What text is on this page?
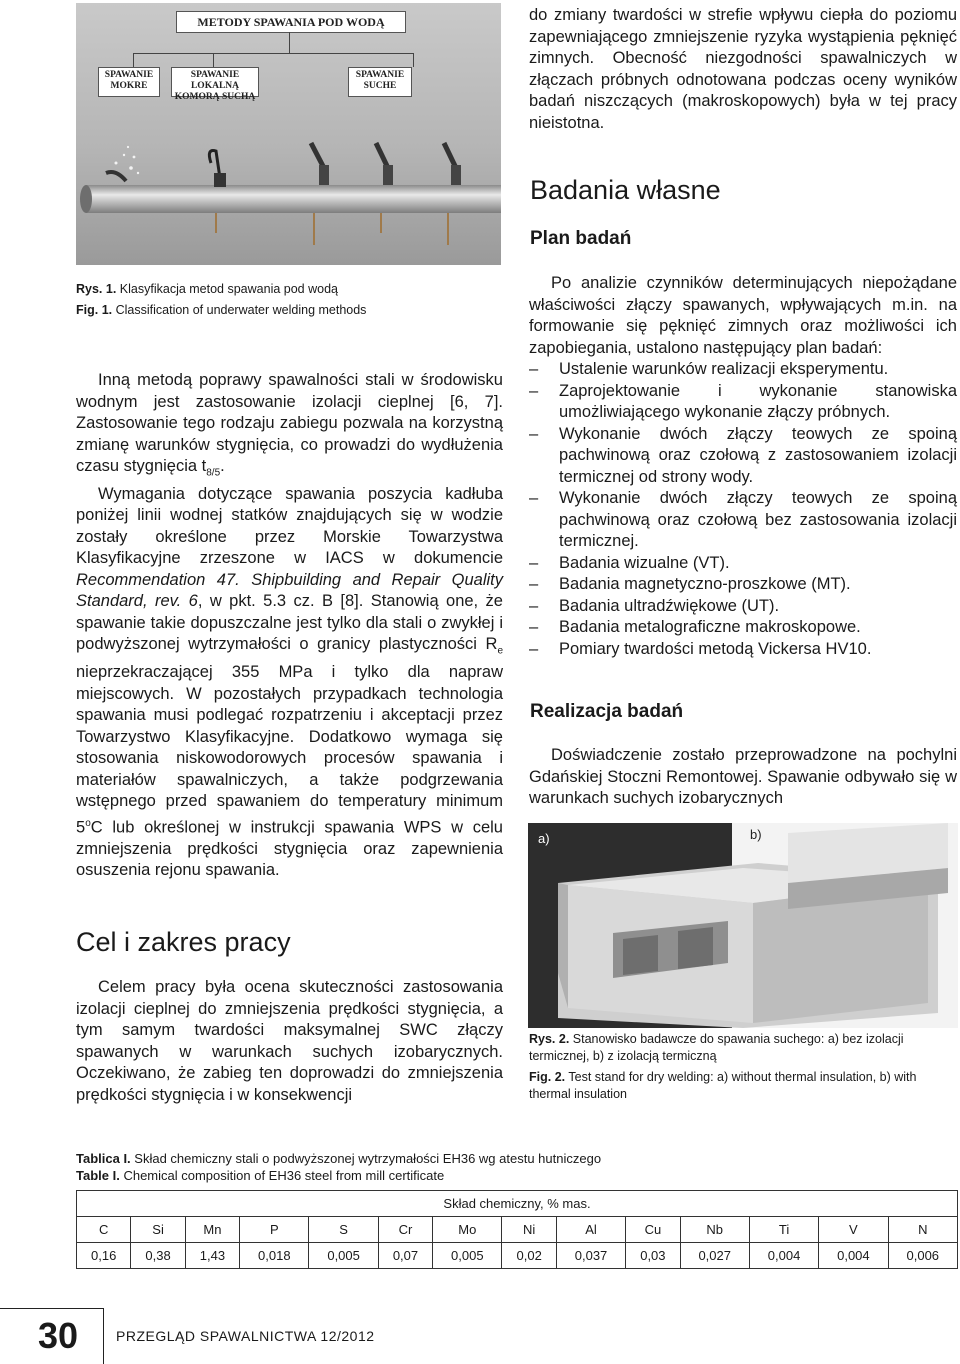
METODY SPAWANIA POD WODĄ
SPAWANIE MOKRE
SPAWANIE LOKALNĄ KOMORĄ SUCHĄ
SPAWANIE SUCHE
Rys. 1. Klasyfikacja metod spawania pod wodą
Fig. 1. Classification of underwater welding methods

Inną metodą poprawy spawalności stali w środowisku wodnym jest zastosowanie izolacji cieplnej [6, 7]. Zastosowanie tego rodzaju zabiegu pozwala na korzystną zmianę warunków stygnięcia, co prowadzi do wydłużenia czasu stygnięcia $t_{8/5}$.

Wymagania dotyczące spawania poszycia kadłuba poniżej linii wodnej statków znajdujących się w wodzie zostały określone przez Morskie Towarzystwa Klasyfikacyjne zrzeszone w IACS w dokumencie Recommendation 47. Shipbuilding and Repair Quality Standard, rev. 6, w pkt. 5.3 cz. B [8]. Stanowią one, że spawanie takie dopuszczalne jest tylko dla stali o zwykłej i podwyższonej wytrzymałości o granicy plastyczności $R_e$ nieprzekraczającej 355 MPa i tylko dla napraw miejscowych. W pozostałych przypadkach technologia spawania musi podlegać rozpatrzeniu i akceptacji przez Towarzystwo Klasyfikacyjne. Dodatkowo wymaga się stosowania niskowodorowych procesów spawania i materiałów spawalniczych, a także podgrzewania wstępnego przed spawaniem do temperatury minimum 5$^o$C lub określonej w instrukcji spawania WPS w celu zmniejszenia prędkości stygnięcia oraz zapewnienia osuszenia rejonu spawania.

Cel i zakres pracy

Celem pracy była ocena skuteczności zastosowania izolacji cieplnej do zmniejszenia prędkości stygnięcia, a tym samym twardości maksymalnej SWC złączy spawanych w warunkach suchych izobarycznych. Oczekiwano, że zabieg ten doprowadzi do zmniejszenia prędkości stygnięcia i w konsekwencji

do zmiany twardości w strefie wpływu ciepła do poziomu zapewniającego zmniejszenie ryzyka wystąpienia pęknięć zimnych. Obecność niezgodności spawalniczych w złączach próbnych odnotowana podczas oceny wyników badań niszczących (makroskopowych) była w tej pracy nieistotna.

Badania własne
Plan badań

Po analizie czynników determinujących niepożądane właściwości złączy spawanych, wpływających m.in. na formowanie się pęknięć zimnych oraz możliwości ich zapobiegania, ustalono następujący plan badań:

– Ustalenie warunków realizacji eksperymentu.
– Zaprojektowanie i wykonanie stanowiska umożliwiającego wykonanie złączy próbnych.
– Wykonanie dwóch złączy teowych ze spoiną pachwinową oraz czołową z zastosowaniem izolacji termicznej od strony wody.
– Wykonanie dwóch złączy teowych ze spoiną pachwinową oraz czołową bez zastosowania izolacji termicznej.
– Badania wizualne (VT).
– Badania magnetyczno-proszkowe (MT).
– Badania ultradźwiękowe (UT).
– Badania metalograficzne makroskopowe.
– Pomiary twardości metodą Vickersa HV10.
Realizacja badań

Doświadczenie zostało przeprowadzone na pochylni Gdańskiej Stoczni Remontowej. Spawanie odbywało się w warunkach suchych izobarycznych

a)	b)
Rys. 2. Stanowisko badawcze do spawania suchego: a) bez izolacji termicznej, b) z izolacją termiczną
Fig. 2. Test stand for dry welding: a) without thermal insulation, b) with thermal insulation
Tablica I. Skład chemiczny stali o podwyższonej wytrzymałości EH36 wg atestu hutniczego
Table I. Chemical composition of EH36 steel from mill certificate
Skład chemiczny, % mas.													
C	Si	Mn	P	S	Cr	Mo	Ni	Al	Cu	Nb	Ti	V	N
0,16	0,38	1,43	0,018	0,005	0,07	0,005	0,02	0,037	0,03	0,027	0,004	0,004	0,006
30	PRZEGLĄD SPAWALNICTWA 12/2012
